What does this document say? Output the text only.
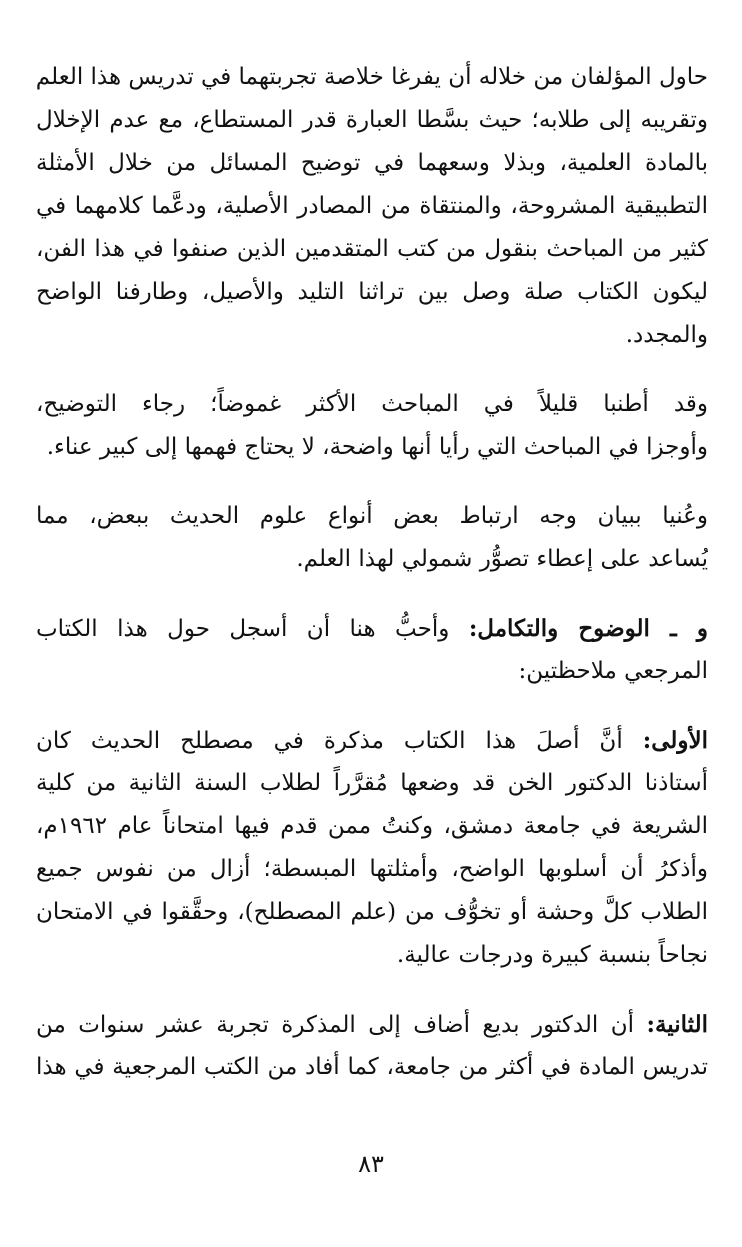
حاول المؤلفان من خلاله أن يفرغا خلاصة تجربتهما في تدريس هذا العلم
وتقريبه إلى طلابه؛ حيث بسَّطا العبارة قدر المستطاع، مع عدم الإخلال
بالمادة العلمية، وبذلا وسعهما في توضيح المسائل من خلال الأمثلة
التطبيقية المشروحة، والمنتقاة من المصادر الأصلية، ودعَّما كلامهما في
كثير من المباحث بنقول من كتب المتقدمين الذين صنفوا في هذا الفن،
ليكون الكتاب صلة وصل بين تراثنا التليد والأصيل، وطارفنا الواضح
والمجدد.
وقد أطنبا قليلاً في المباحث الأكثر غموضاً؛ رجاء التوضيح،
وأوجزا في المباحث التي رأيا أنها واضحة، لا يحتاج فهمها إلى كبير عناء.
وعُنيا ببيان وجه ارتباط بعض أنواع علوم الحديث ببعض، مما
يُساعد على إعطاء تصوُّر شمولي لهذا العلم.
و ـ الوضوح والتكامل: وأحبُّ هنا أن أسجل حول هذا الكتاب
المرجعي ملاحظتين:
الأولى: أنَّ أصلَ هذا الكتاب مذكرة في مصطلح الحديث كان
أستاذنا الدكتور الخن قد وضعها مُقرَّراً لطلاب السنة الثانية من كلية
الشريعة في جامعة دمشق، وكنتُ ممن قدم فيها امتحاناً عام ١٩٦٢م،
وأذكرُ أن أسلوبها الواضح، وأمثلتها المبسطة؛ أزال من نفوس جميع
الطلاب كلَّ وحشة أو تخوُّف من (علم المصطلح)، وحقَّقوا في الامتحان
نجاحاً بنسبة كبيرة ودرجات عالية.
الثانية: أن الدكتور بديع أضاف إلى المذكرة تجربة عشر سنوات من
تدريس المادة في أكثر من جامعة، كما أفاد من الكتب المرجعية في هذا
٨٣
